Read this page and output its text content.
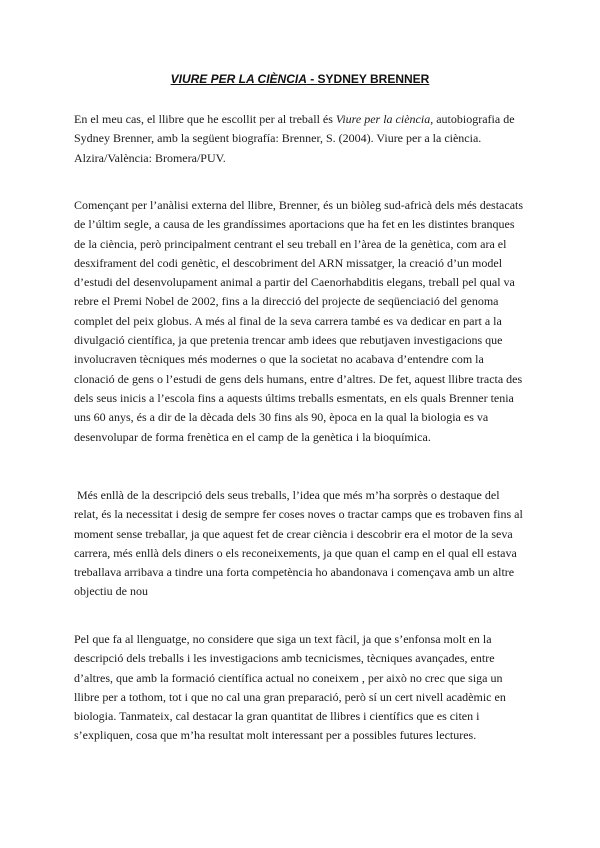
VIURE PER LA CIÈNCIA - SYDNEY BRENNER

En el meu cas, el llibre que he escollit per al treball és Viure per la ciència, autobiografia de
Sydney Brenner, amb la següent biografía: Brenner, S. (2004). Viure per a la ciència.
Alzira/València: Bromera/PUV.

Començant per l’anàlisi externa del llibre, Brenner, és un biòleg sud-africà dels més destacats
de l’últim segle, a causa de les grandíssimes aportacions que ha fet en les distintes branques
de la ciència, però principalment centrant el seu treball en l’àrea de la genètica, com ara el
desxiframent del codi genètic, el descobriment del ARN missatger, la creació d’un model
d’estudi del desenvolupament animal a partir del Caenorhabditis elegans, treball pel qual va
rebre el Premi Nobel de 2002, fins a la direcció del projecte de seqüenciació del genoma
complet del peix globus. A més al final de la seva carrera també es va dedicar en part a la
divulgació científica, ja que pretenia trencar amb idees que rebutjaven investigacions que
involucraven tècniques més modernes o que la societat no acabava d’entendre com la
clonació de gens o l’estudi de gens dels humans, entre d’altres. De fet, aquest llibre tracta des
dels seus inicis a l’escola fins a aquests últims treballs esmentats, en els quals Brenner tenia
uns 60 anys, és a dir de la dècada dels 30 fins als 90, època en la qual la biologia es va
desenvolupar de forma frenètica en el camp de la genètica i la bioquímica.

Més enllà de la descripció dels seus treballs, l’idea que més m’ha sorprès o destaque del
relat, és la necessitat i desig de sempre fer coses noves o tractar camps que es trobaven fins al
moment sense treballar, ja que aquest fet de crear ciència i descobrir era el motor de la seva
carrera, més enllà dels diners o els reconeixements, ja que quan el camp en el qual ell estava
treballava arribava a tindre una forta competència ho abandonava i començava amb un altre
objectiu de nou

Pel que fa al llenguatge, no considere que siga un text fàcil, ja que s’enfonsa molt en la
descripció dels treballs i les investigacions amb tecnicismes, tècniques avançades, entre
d’altres, que amb la formació científica actual no coneixem , per això no crec que siga un
llibre per a tothom, tot i que no cal una gran preparació, però sí un cert nivell acadèmic en
biologia. Tanmateix, cal destacar la gran quantitat de llibres i científics que es citen i
s’expliquen, cosa que m’ha resultat molt interessant per a possibles futures lectures.
